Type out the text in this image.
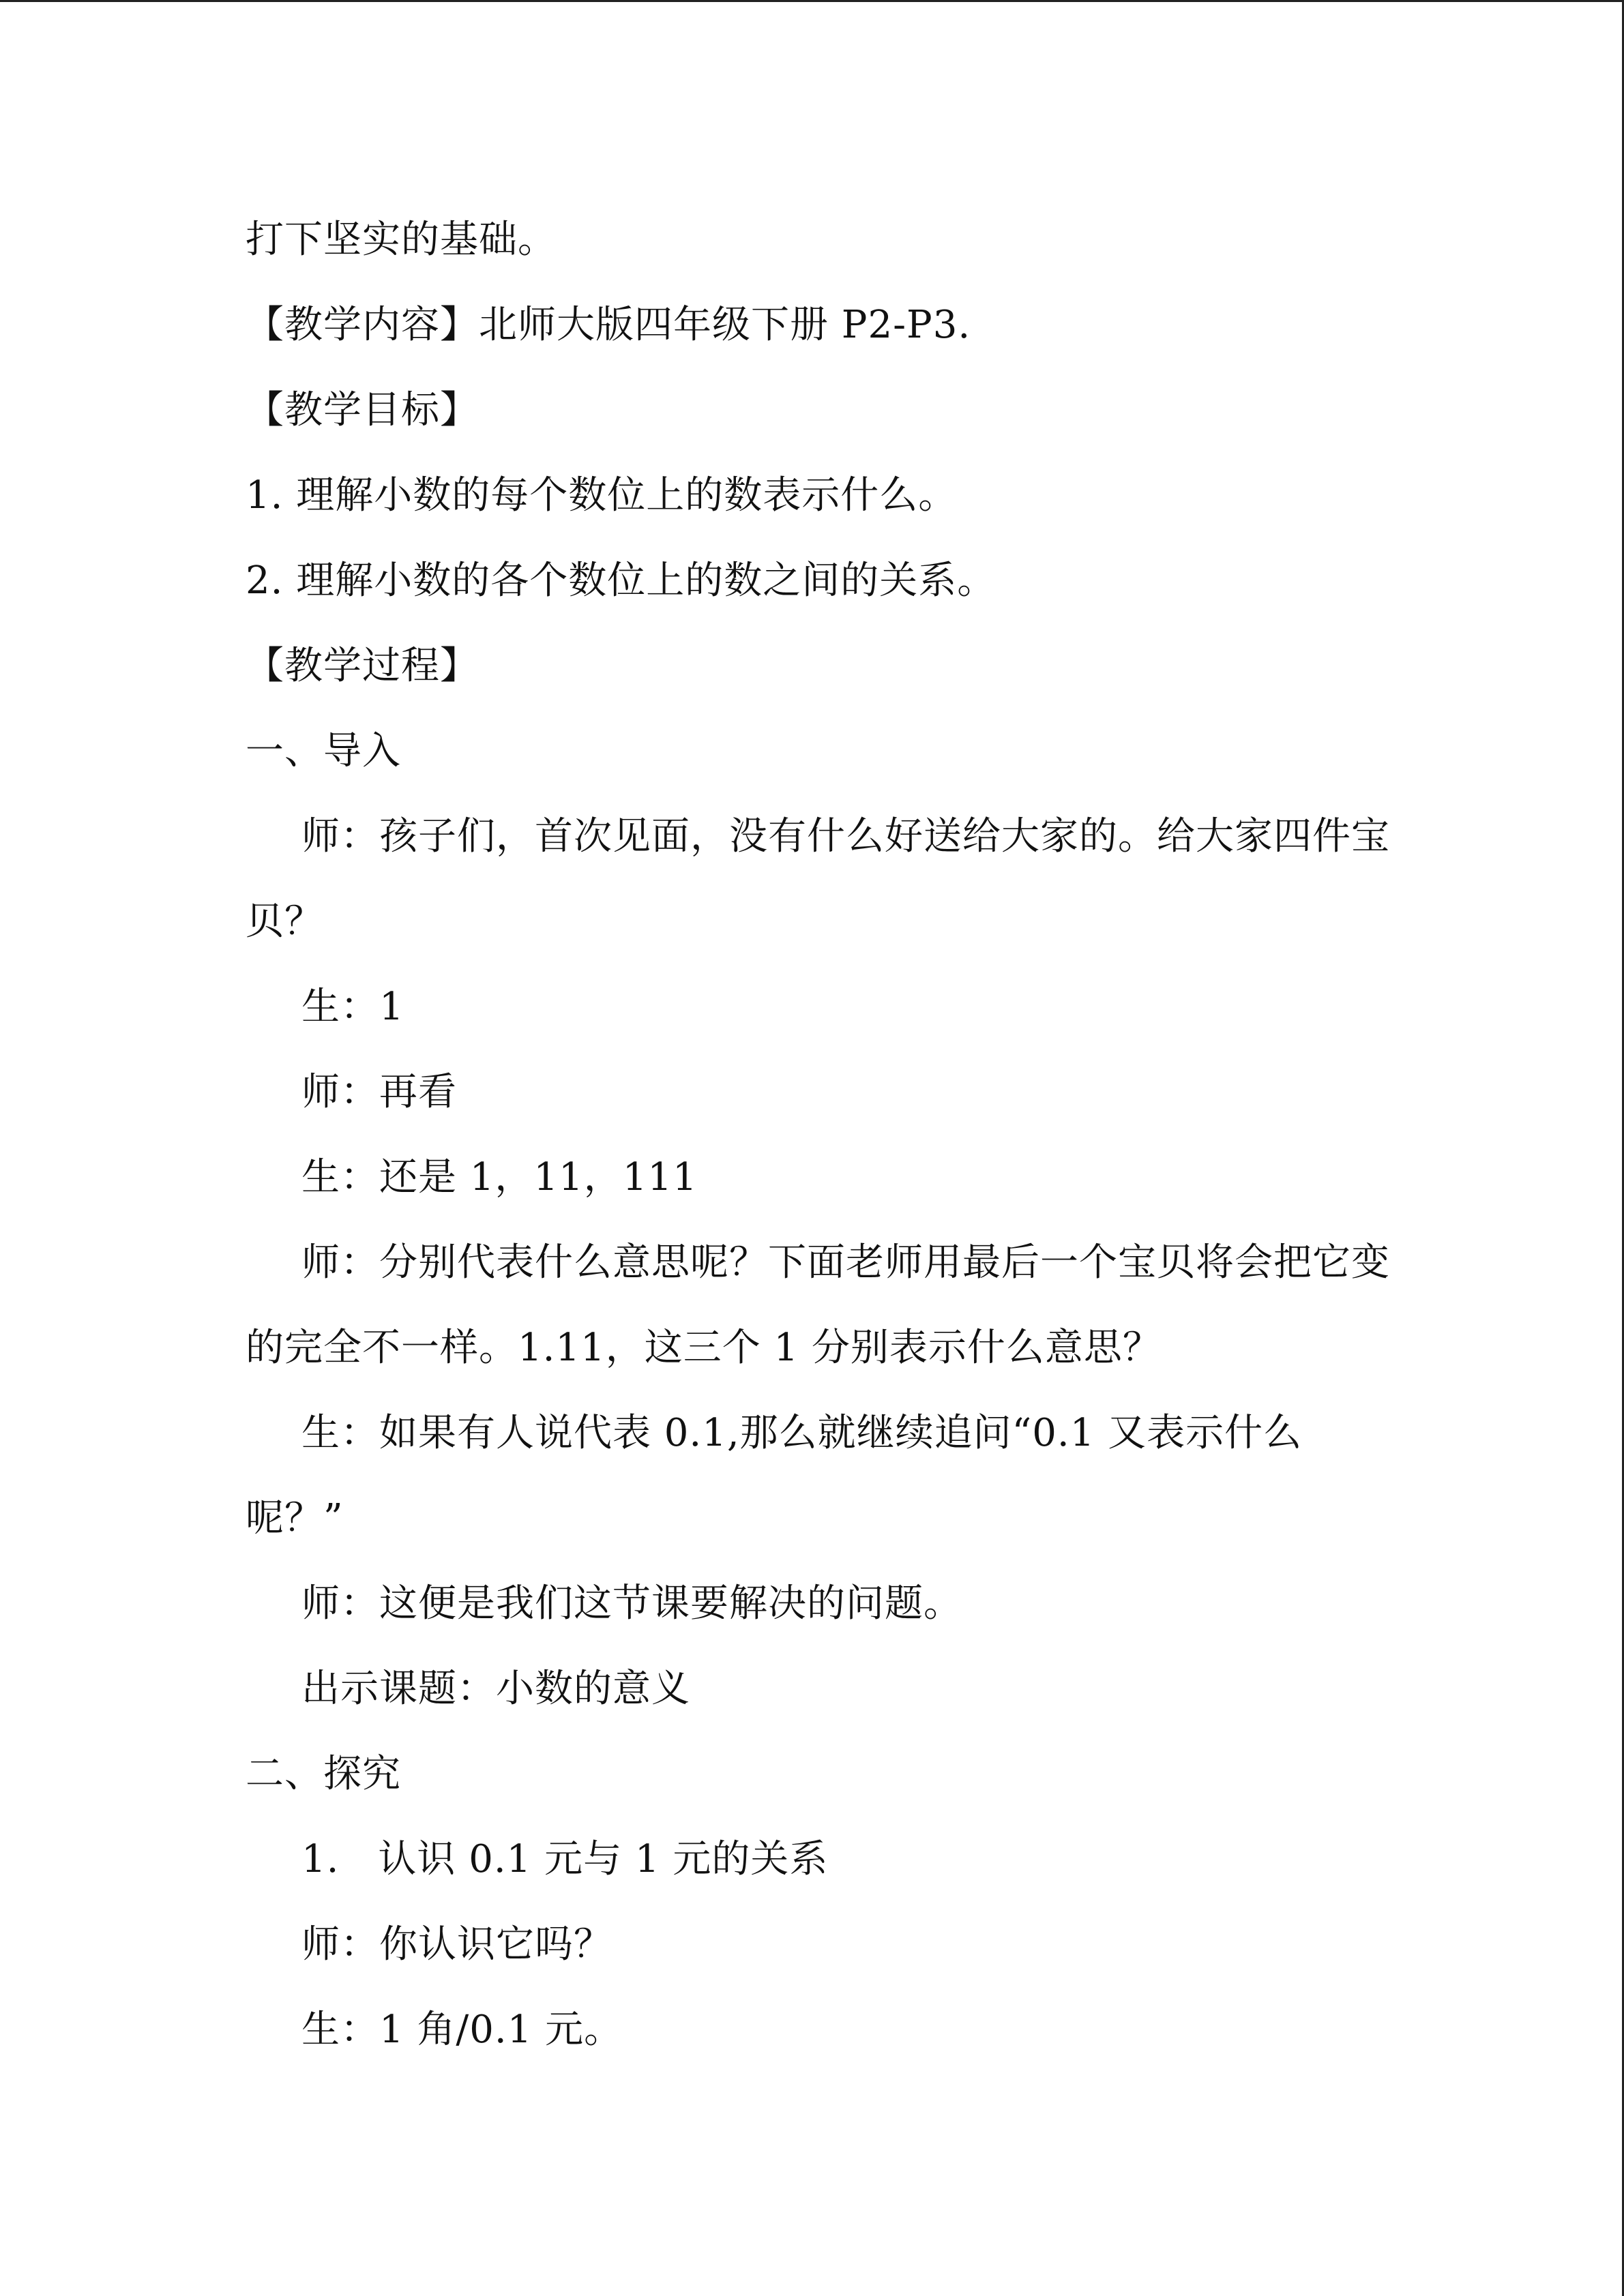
打下坚实的基础。
【教学内容】北师大版四年级下册 P2-P3.
【教学目标】
1. 理解小数的每个数位上的数表示什么。
2. 理解小数的各个数位上的数之间的关系。
【教学过程】
一、导入
师：孩子们，首次见面，没有什么好送给大家的。给大家四件宝
贝？
生：1
师：再看
生：还是 1，11，111
师：分别代表什么意思呢？下面老师用最后一个宝贝将会把它变
的完全不一样。1.11，这三个 1 分别表示什么意思？
生：如果有人说代表 0.1,那么就继续追问“0.1 又表示什么
呢？”
师：这便是我们这节课要解决的问题。
出示课题：小数的意义
二、探究
1.　认识 0.1 元与 1 元的关系
师：你认识它吗？
生：1 角/0.1 元。
